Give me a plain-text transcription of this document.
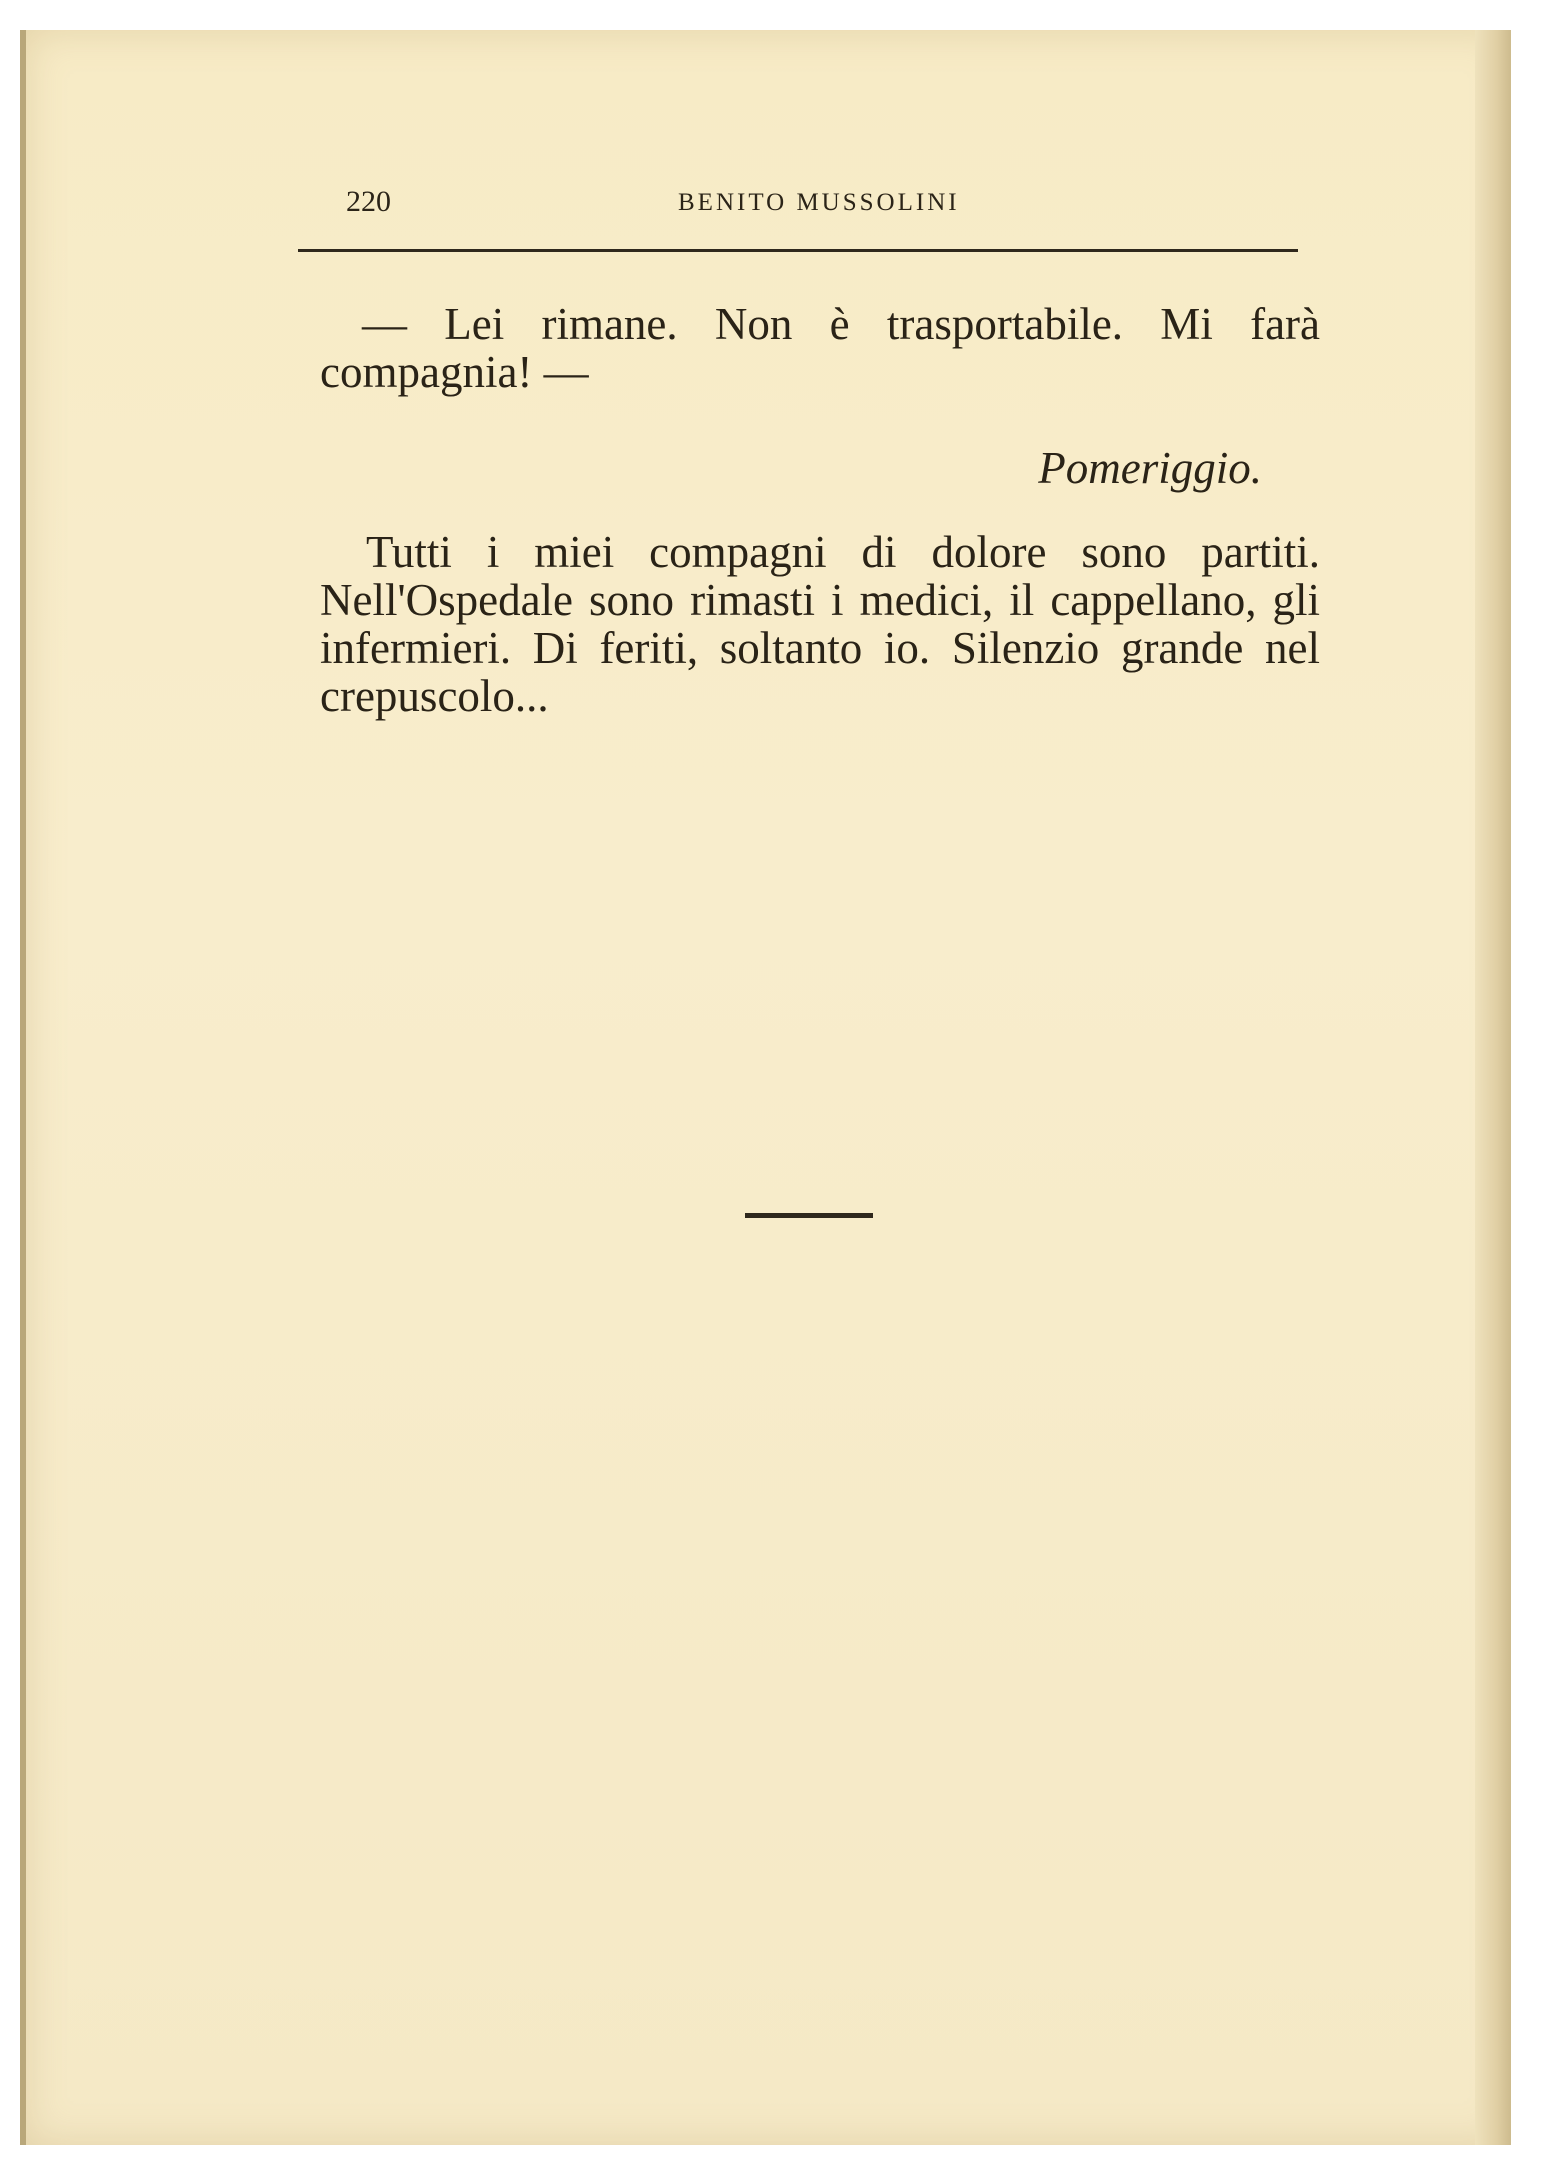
220	BENITO MUSSOLINI

— Lei rimane. Non è trasportabile. Mi farà compagnia! —

Pomeriggio.

Tutti i miei compagni di dolore sono partiti. Nell'Ospedale sono rimasti i medici, il cappellano, gli infermieri. Di feriti, soltanto io. Silenzio grande nel crepuscolo...
